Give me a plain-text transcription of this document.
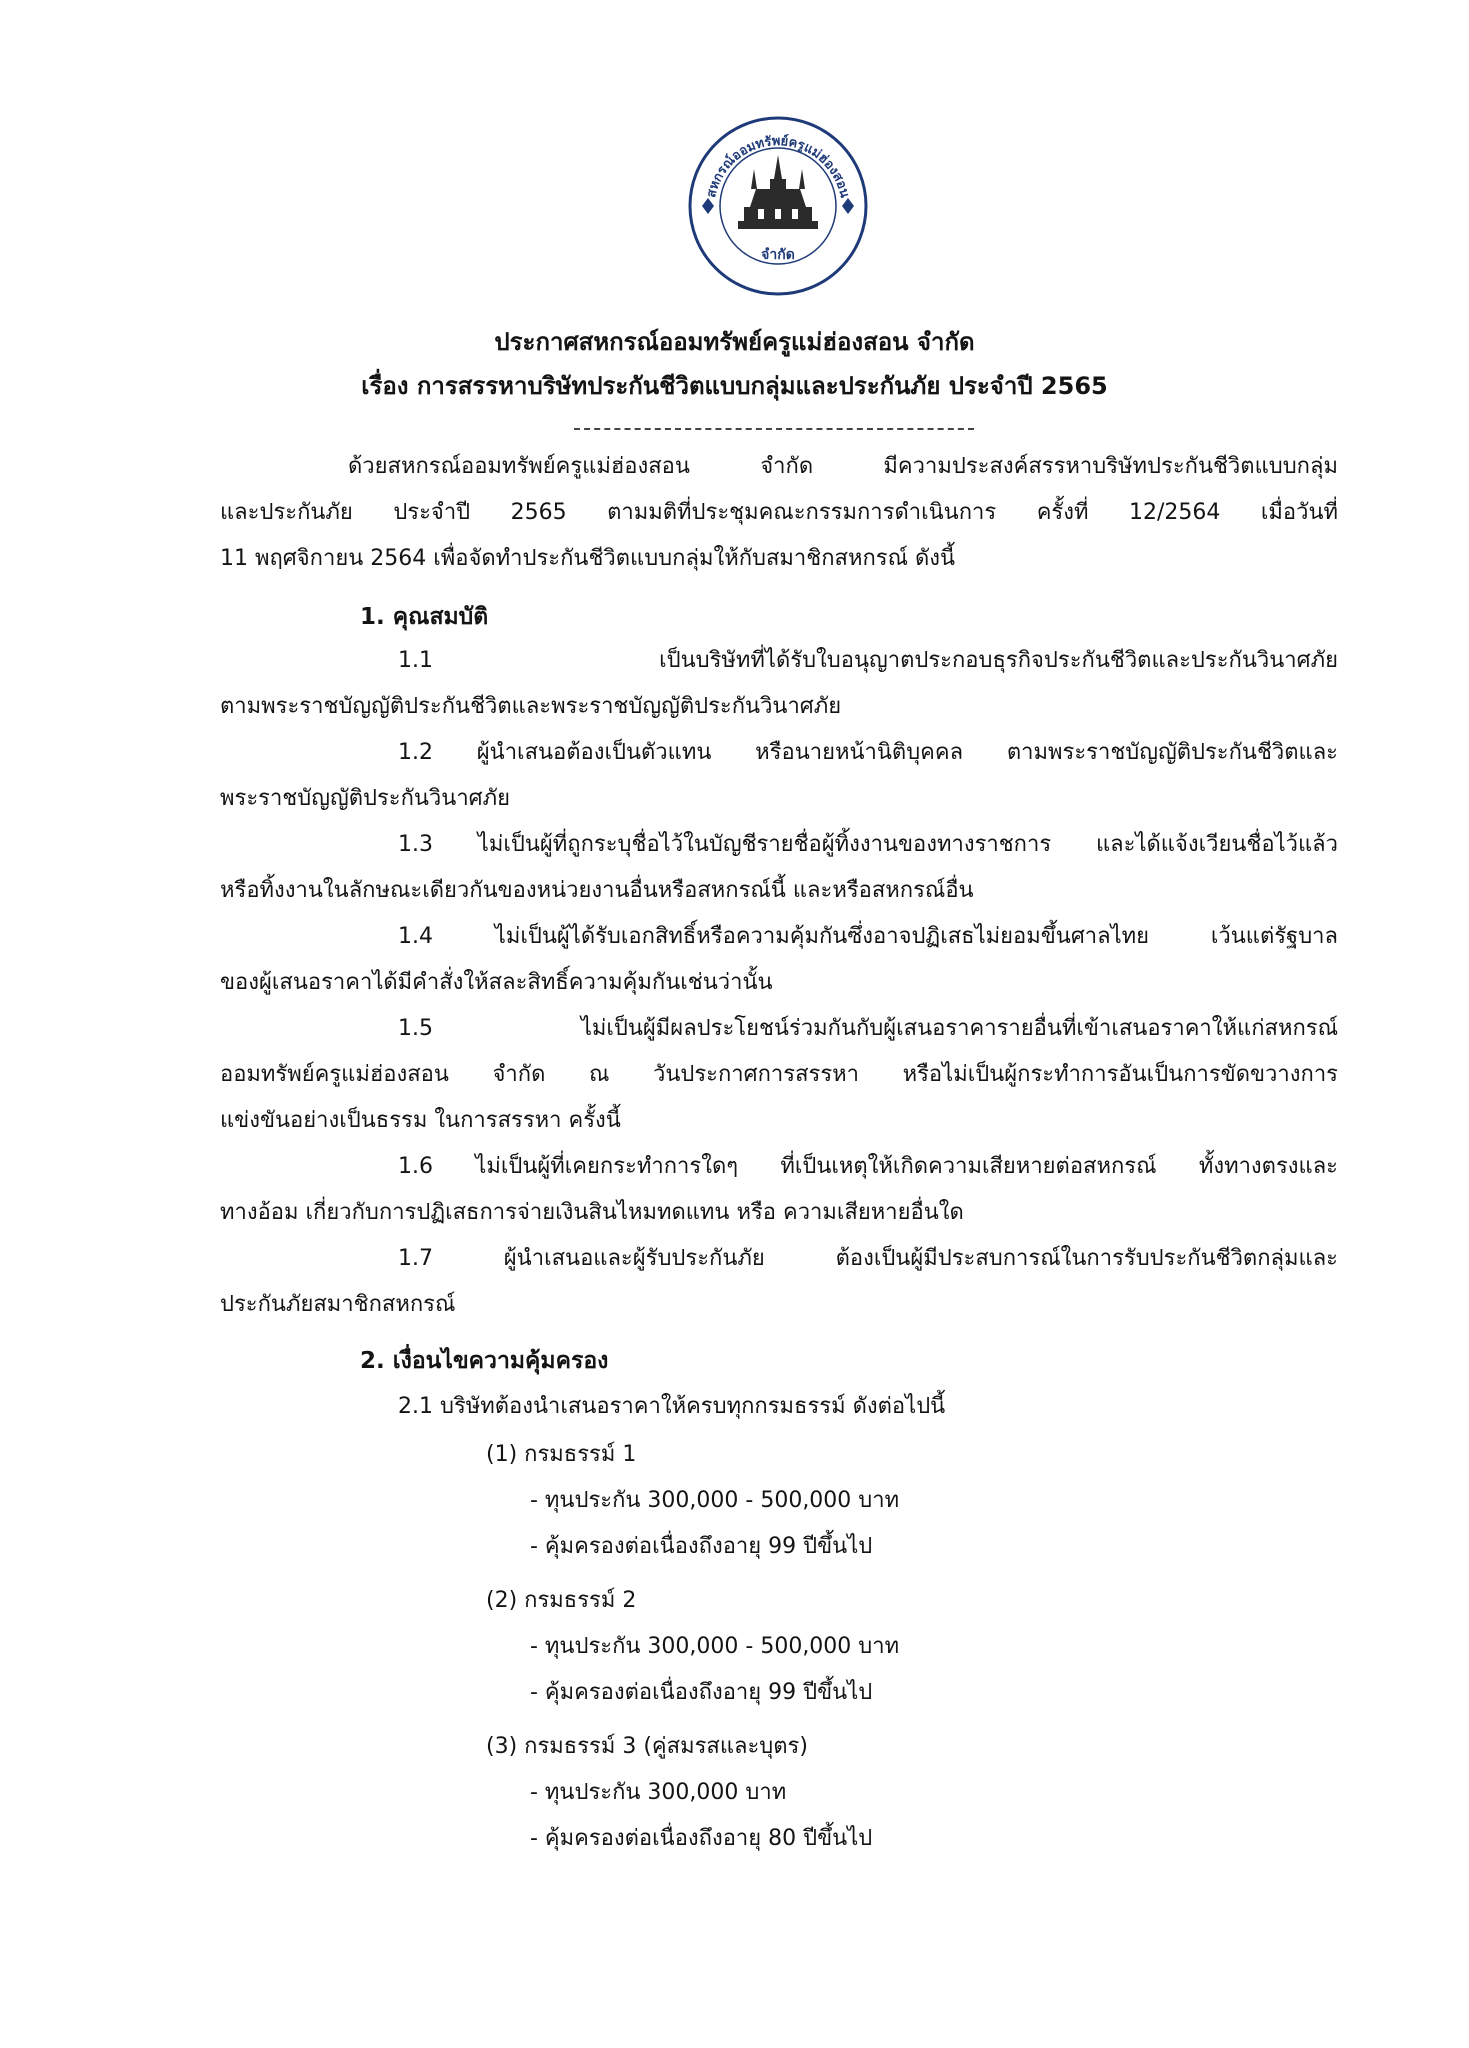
สหกรณ์ออมทรัพย์ครูแม่ฮ่องสอน
จำกัด
ประกาศสหกรณ์ออมทรัพย์ครูแม่ฮ่องสอน จำกัด
เรื่อง การสรรหาบริษัทประกันชีวิตแบบกลุ่มและประกันภัย ประจำปี 2565
ด้วยสหกรณ์ออมทรัพย์ครูแม่ฮ่องสอน จำกัด มีความประสงค์สรรหาบริษัทประกันชีวิตแบบกลุ่ม
และประกันภัย ประจำปี 2565 ตามมติที่ประชุมคณะกรรมการดำเนินการ ครั้งที่ 12/2564 เมื่อวันที่
11 พฤศจิกายน 2564 เพื่อจัดทำประกันชีวิตแบบกลุ่มให้กับสมาชิกสหกรณ์ ดังนี้
1. คุณสมบัติ
1.1 เป็นบริษัทที่ได้รับใบอนุญาตประกอบธุรกิจประกันชีวิตและประกันวินาศภัย
ตามพระราชบัญญัติประกันชีวิตและพระราชบัญญัติประกันวินาศภัย
1.2 ผู้นำเสนอต้องเป็นตัวแทน หรือนายหน้านิติบุคคล ตามพระราชบัญญัติประกันชีวิตและ
พระราชบัญญัติประกันวินาศภัย
1.3 ไม่เป็นผู้ที่ถูกระบุชื่อไว้ในบัญชีรายชื่อผู้ทิ้งงานของทางราชการ และได้แจ้งเวียนชื่อไว้แล้ว
หรือทิ้งงานในลักษณะเดียวกันของหน่วยงานอื่นหรือสหกรณ์นี้ และหรือสหกรณ์อื่น
1.4 ไม่เป็นผู้ได้รับเอกสิทธิ์หรือความคุ้มกันซึ่งอาจปฏิเสธไม่ยอมขึ้นศาลไทย เว้นแต่รัฐบาล
ของผู้เสนอราคาได้มีคำสั่งให้สละสิทธิ์ความคุ้มกันเช่นว่านั้น
1.5 ไม่เป็นผู้มีผลประโยชน์ร่วมกันกับผู้เสนอราคารายอื่นที่เข้าเสนอราคาให้แก่สหกรณ์
ออมทรัพย์ครูแม่ฮ่องสอน จำกัด ณ วันประกาศการสรรหา หรือไม่เป็นผู้กระทำการอันเป็นการขัดขวางการ
แข่งขันอย่างเป็นธรรม ในการสรรหา ครั้งนี้
1.6 ไม่เป็นผู้ที่เคยกระทำการใดๆ ที่เป็นเหตุให้เกิดความเสียหายต่อสหกรณ์ ทั้งทางตรงและ
ทางอ้อม เกี่ยวกับการปฏิเสธการจ่ายเงินสินไหมทดแทน หรือ ความเสียหายอื่นใด
1.7 ผู้นำเสนอและผู้รับประกันภัย ต้องเป็นผู้มีประสบการณ์ในการรับประกันชีวิตกลุ่มและ
ประกันภัยสมาชิกสหกรณ์
2. เงื่อนไขความคุ้มครอง
2.1 บริษัทต้องนำเสนอราคาให้ครบทุกกรมธรรม์ ดังต่อไปนี้
(1) กรมธรรม์ 1
- ทุนประกัน 300,000 - 500,000 บาท
- คุ้มครองต่อเนื่องถึงอายุ 99 ปีขึ้นไป
(2) กรมธรรม์ 2
- ทุนประกัน 300,000 - 500,000 บาท
- คุ้มครองต่อเนื่องถึงอายุ 99 ปีขึ้นไป
(3) กรมธรรม์ 3 (คู่สมรสและบุตร)
- ทุนประกัน 300,000 บาท
- คุ้มครองต่อเนื่องถึงอายุ 80 ปีขึ้นไป
